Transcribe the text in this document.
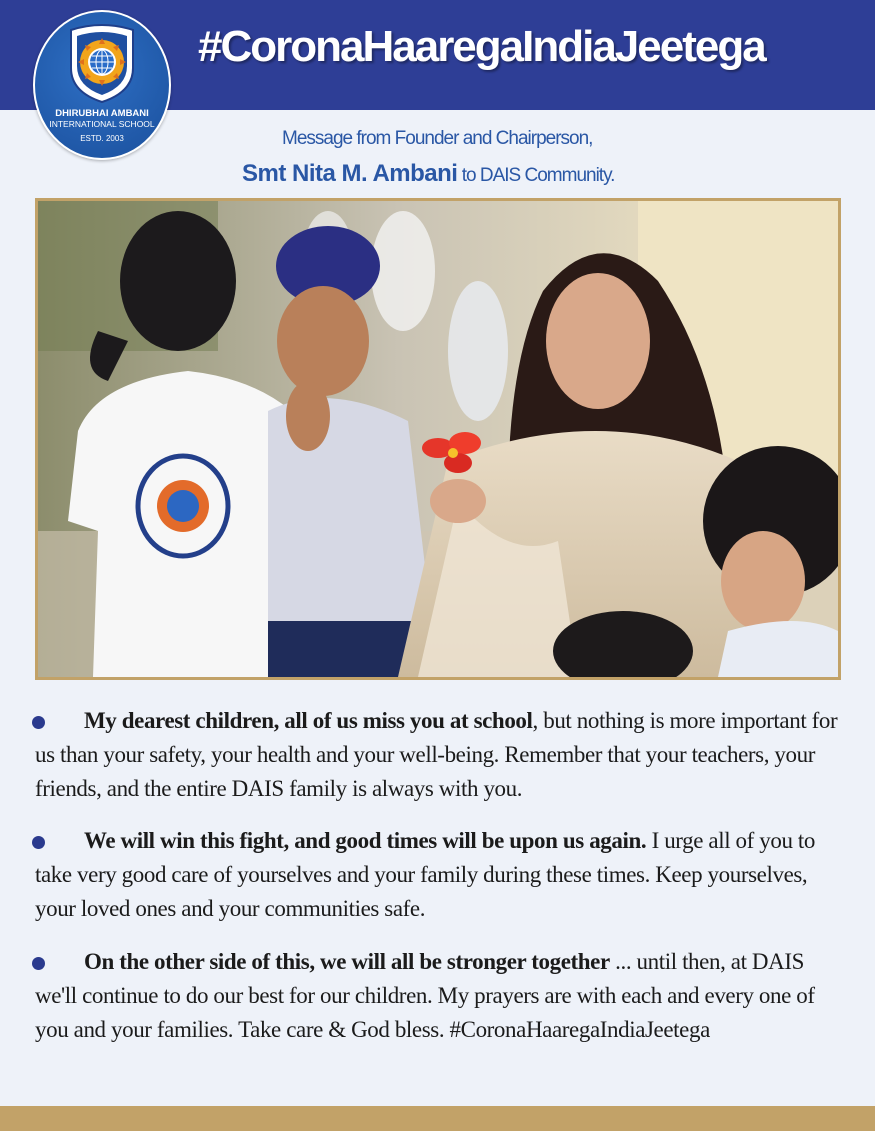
#CoronaHaaregaIndiaJeetega
DHIRUBHAI AMBANI
INTERNATIONAL SCHOOL
ESTD. 2003	Message from Founder and Chairperson,
Smt Nita M. Ambani to DAIS Community.
My dearest children, all of us miss you at school, but nothing is more important for us than your safety, your health and your well-being. Remember that your teachers, your friends, and the entire DAIS family is always with you.
We will win this fight, and good times will be upon us again. I urge all of you to take very good care of yourselves and your family during these times. Keep yourselves, your loved ones and your communities safe.
On the other side of this, we will all be stronger together ... until then, at DAIS we'll continue to do our best for our children. My prayers are with each and every one of you and your families. Take care & God bless. #CoronaHaaregaIndiaJeetega
